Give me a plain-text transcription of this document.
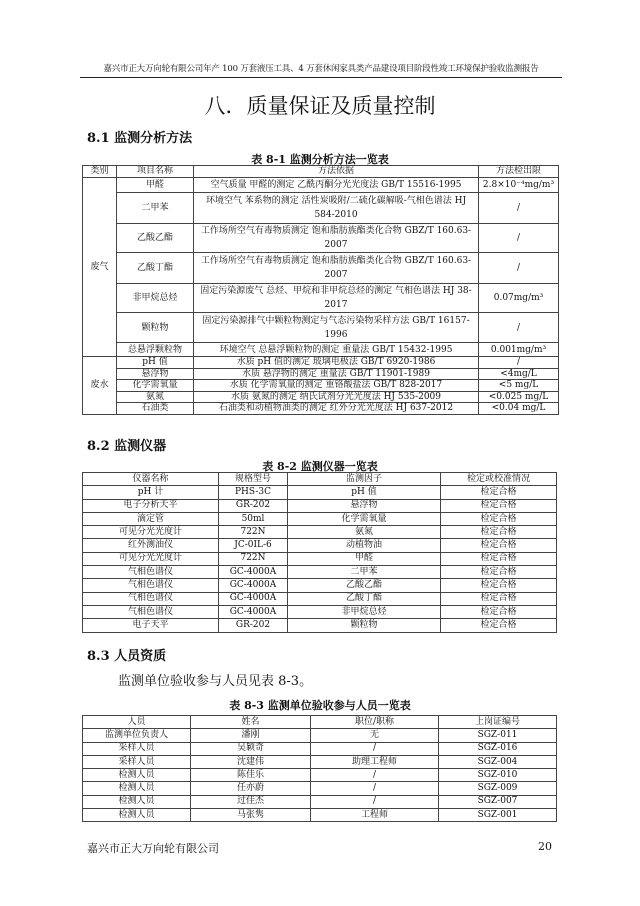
嘉兴市正大万向轮有限公司年产 100 万套液压工具、4 万套休闲家具类产品建设项目阶段性竣工环境保护验收监测报告
八．质量保证及质量控制
8.1 监测分析方法
表 8-1 监测分析方法一览表
类别	项目名称	方法依据	方法检出限
废气	甲醛	空气质量 甲醛的测定 乙酰丙酮分光光度法 GB/T 15516-1995	2.8×10⁻⁴mg/m³
	二甲苯	环境空气 苯系物的测定 活性炭吸附/二硫化碳解吸-气相色谱法 HJ 584-2010	/
	乙酸乙酯	工作场所空气有毒物质测定 饱和脂肪族酯类化合物 GBZ/T 160.63-2007	/
	乙酸丁酯	工作场所空气有毒物质测定 饱和脂肪族酯类化合物 GBZ/T 160.63-2007	/
	非甲烷总烃	固定污染源废气 总烃、甲烷和非甲烷总烃的测定 气相色谱法 HJ 38-2017	0.07mg/m³
	颗粒物	固定污染源排气中颗粒物测定与气态污染物采样方法 GB/T 16157-1996	/
	总悬浮颗粒物	环境空气 总悬浮颗粒物的测定 重量法 GB/T 15432-1995	0.001mg/m³
废水	pH 值	水质 pH 值的测定 玻璃电极法 GB/T 6920-1986	/
	悬浮物	水质 悬浮物的测定 重量法 GB/T 11901-1989	<4mg/L
	化学需氧量	水质 化学需氧量的测定 重铬酸盐法 GB/T 828-2017	<5 mg/L
	氨氮	水质 氨氮的测定 纳氏试剂分光光度法 HJ 535-2009	<0.025 mg/L
	石油类	石油类和动植物油类的测定 红外分光光度法 HJ 637-2012	<0.04 mg/L
8.2 监测仪器
表 8-2 监测仪器一览表
仪器名称	规格型号	监测因子	检定或校准情况
pH 计	PHS-3C	pH 值	检定合格
电子分析天平	GR-202	悬浮物	检定合格
滴定管	50ml	化学需氧量	检定合格
可见分光光度计	722N	氨氮	检定合格
红外测油仪	JC-0IL-6	动植物油	检定合格
可见分光光度计	722N	甲醛	检定合格
气相色谱仪	GC-4000A	二甲苯	检定合格
气相色谱仪	GC-4000A	乙酸乙酯	检定合格
气相色谱仪	GC-4000A	乙酸丁酯	检定合格
气相色谱仪	GC-4000A	非甲烷总烃	检定合格
电子天平	GR-202	颗粒物	检定合格
8.3 人员资质
监测单位验收参与人员见表 8-3。
表 8-3 监测单位验收参与人员一览表
人员	姓名	职位/职称	上岗证编号
监测单位负责人	潘刚	无	SGZ-011
采样人员	吴颖奇	/	SGZ-016
采样人员	沈建伟	助理工程师	SGZ-004
检测人员	陈佳乐	/	SGZ-010
检测人员	任亦蔚	/	SGZ-009
检测人员	过佳杰	/	SGZ-007
检测人员	马张隽	工程师	SGZ-001
嘉兴市正大万向轮有限公司	20
